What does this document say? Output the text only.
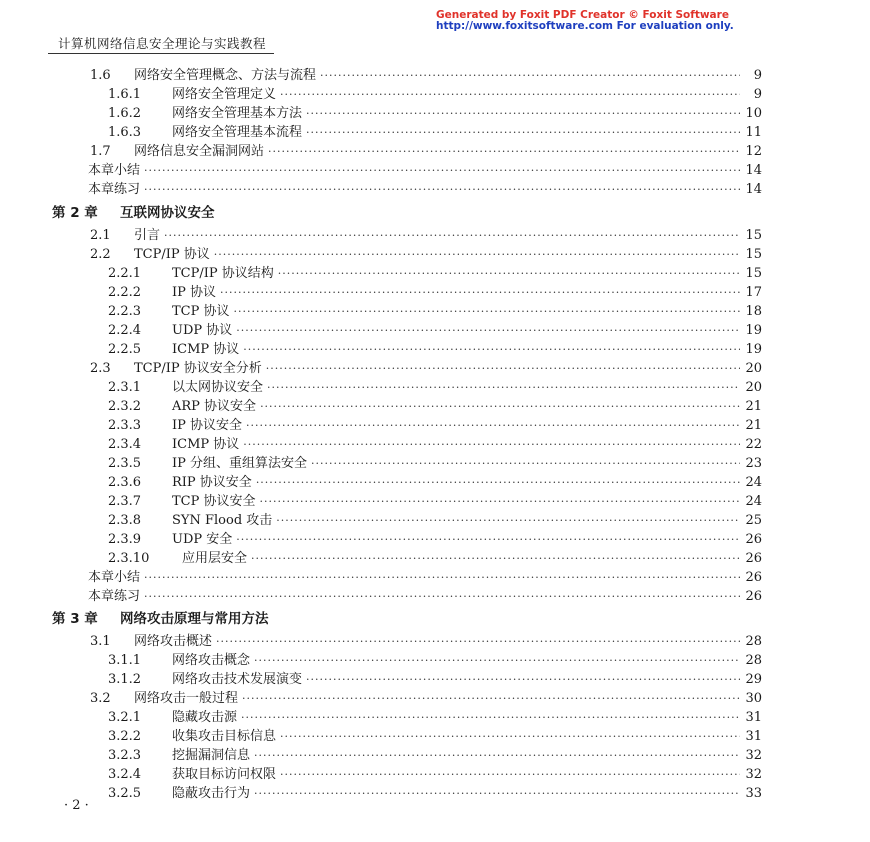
Generated by Foxit PDF Creator © Foxit Software
http://www.foxitsoftware.com For evaluation only.
计算机网络信息安全理论与实践教程
1.6	网络安全管理概念、方法与流程 ·····	9
1.6.1	网络安全管理定义 ·····	9
1.6.2	网络安全管理基本方法 ·····	10
1.6.3	网络安全管理基本流程 ·····	11
1.7	网络信息安全漏洞网站 ·····	12
本章小结 ·····	14
本章练习 ·····	14
第 2 章 互联网协议安全
2.1	引言 ·····	15
2.2	TCP/IP 协议 ·····	15
2.2.1	TCP/IP 协议结构 ·····	15
2.2.2	IP 协议 ·····	17
2.2.3	TCP 协议 ·····	18
2.2.4	UDP 协议 ·····	19
2.2.5	ICMP 协议 ·····	19
2.3	TCP/IP 协议安全分析 ·····	20
2.3.1	以太网协议安全 ·····	20
2.3.2	ARP 协议安全 ·····	21
2.3.3	IP 协议安全 ·····	21
2.3.4	ICMP 协议 ·····	22
2.3.5	IP 分组、重组算法安全 ·····	23
2.3.6	RIP 协议安全 ·····	24
2.3.7	TCP 协议安全 ·····	24
2.3.8	SYN Flood 攻击 ·····	25
2.3.9	UDP 安全 ·····	26
2.3.10	应用层安全 ·····	26
本章小结 ·····	26
本章练习 ·····	26
第 3 章 网络攻击原理与常用方法
3.1	网络攻击概述 ·····	28
3.1.1	网络攻击概念 ·····	28
3.1.2	网络攻击技术发展演变 ·····	29
3.2	网络攻击一般过程 ·····	30
3.2.1	隐藏攻击源 ·····	31
3.2.2	收集攻击目标信息 ·····	31
3.2.3	挖掘漏洞信息 ·····	32
3.2.4	获取目标访问权限 ·····	32
3.2.5	隐蔽攻击行为 ·····	33
· 2 ·
